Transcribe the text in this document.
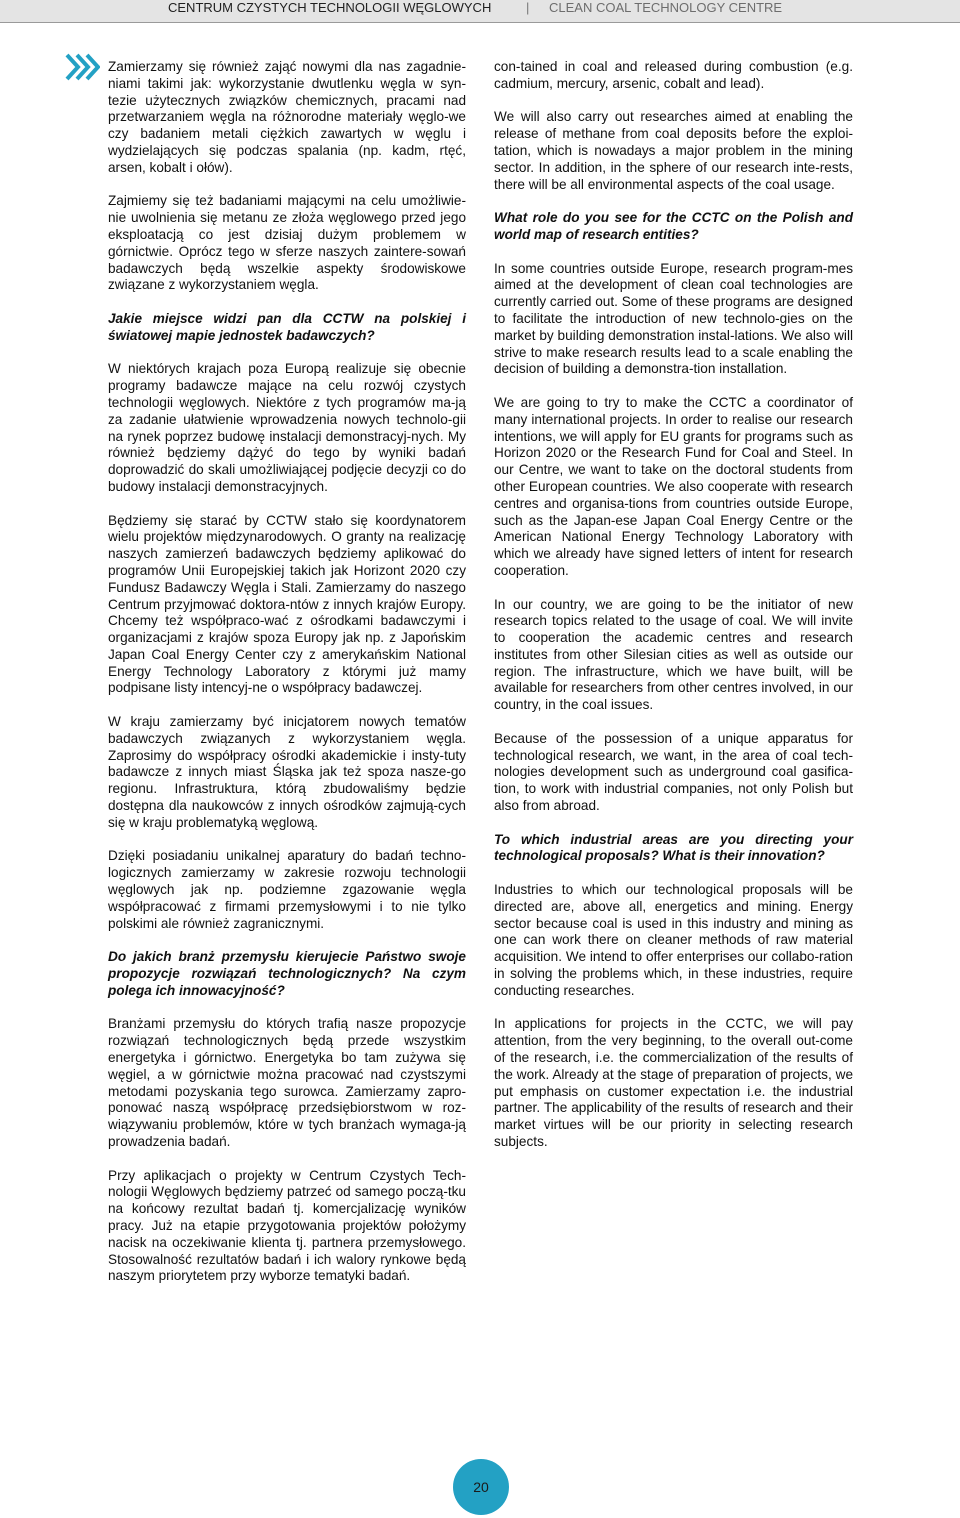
CENTRUM CZYSTYCH TECHNOLOGII WĘGLOWYCH	| CLEAN COAL TECHNOLOGY CENTRE

Zamierzamy się również zająć nowymi dla nas zagadnie-niami takimi jak: wykorzystanie dwutlenku węgla w syn-tezie użytecznych związków chemicznych, pracami nad przetwarzaniem węgla na różnorodne materiały węglo-we czy badaniem metali ciężkich zawartych w węglu i wydzielających się podczas spalania (np. kadm, rtęć, arsen, kobalt i ołów).

Zajmiemy się też badaniami mającymi na celu umożliwie-nie uwolnienia się metanu ze złoża węglowego przed jego eksploatacją co jest dzisiaj dużym problemem w górnictwie. Oprócz tego w sferze naszych zaintere-sowań badawczych będą wszelkie aspekty środowiskowe związane z wykorzystaniem węgla.

Jakie miejsce widzi pan dla CCTW na polskiej i światowej mapie jednostek badawczych?

W niektórych krajach poza Europą realizuje się obecnie programy badawcze mające na celu rozwój czystych technologii węglowych. Niektóre z tych programów ma-ją za zadanie ułatwienie wprowadzenia nowych technolo-gii na rynek poprzez budowę instalacji demonstracyj-nych. My również będziemy dążyć do tego by wyniki badań doprowadzić do skali umożliwiającej podjęcie decyzji co do budowy instalacji demonstracyjnych.

Będziemy się starać by CCTW stało się koordynatorem wielu projektów międzynarodowych. O granty na realizację naszych zamierzeń badawczych będziemy aplikować do programów Unii Europejskiej takich jak Horizont 2020 czy Fundusz Badawczy Węgla i Stali. Zamierzamy do naszego Centrum przyjmować doktora-ntów z innych krajów Europy. Chcemy też współpraco-wać z ośrodkami badawczymi i organizacjami z krajów spoza Europy jak np. z Japońskim Japan Coal Energy Center czy z amerykańskim National Energy Technology Laboratory z którymi już mamy podpisane listy intencyj-ne o współpracy badawczej.

W kraju zamierzamy być inicjatorem nowych tematów badawczych związanych z wykorzystaniem węgla. Zaprosimy do współpracy ośrodki akademickie i insty-tuty badawcze z innych miast Śląska jak też spoza nasze-go regionu. Infrastruktura, którą zbudowaliśmy będzie dostępna dla naukowców z innych ośrodków zajmują-cych się w kraju problematyką węglową.

Dzięki posiadaniu unikalnej aparatury do badań techno-logicznych zamierzamy w zakresie rozwoju technologii węglowych jak np. podziemne zgazowanie węgla współpracować z firmami przemysłowymi i to nie tylko polskimi ale również zagranicznymi.

Do jakich branż przemysłu kierujecie Państwo swoje propozycje rozwiązań technologicznych? Na czym polega ich innowacyjność?

Branżami przemysłu do których trafią nasze propozycje rozwiązań technologicznych będą przede wszystkim energetyka i górnictwo. Energetyka bo tam zużywa się węgiel, a w górnictwie można pracować nad czystszymi metodami pozyskania tego surowca. Zamierzamy zapro-ponować naszą współpracę przedsiębiorstwom w roz-wiązywaniu problemów, które w tych branżach wymaga-ją prowadzenia badań.

Przy aplikacjach o projekty w Centrum Czystych Tech-nologii Węglowych będziemy patrzeć od samego począ-tku na końcowy rezultat badań tj. komercjalizację wyników pracy. Już na etapie przygotowania projektów położymy nacisk na oczekiwanie klienta tj. partnera przemysłowego. Stosowalność rezultatów badań i ich walory rynkowe będą naszym priorytetem przy wyborze tematyki badań.

con-tained in coal and released during combustion (e.g. cadmium, mercury, arsenic, cobalt and lead).

We will also carry out researches aimed at enabling the release of methane from coal deposits before the exploi-tation, which is nowadays a major problem in the mining sector. In addition, in the sphere of our research inte-rests, there will be all environmental aspects of the coal usage.

What role do you see for the CCTC on the Polish and world map of research entities?

In some countries outside Europe, research program-mes aimed at the development of clean coal technologies are currently carried out. Some of these programs are designed to facilitate the introduction of new technolo-gies on the market by building demonstration instal-lations. We also will strive to make research results lead to a scale enabling the decision of building a demonstra-tion installation.

We are going to try to make the CCTC a coordinator of many international projects. In order to realise our research intentions, we will apply for EU grants for programs such as Horizon 2020 or the Research Fund for Coal and Steel. In our Centre, we want to take on the doctoral students from other European countries. We also cooperate with research centres and organisa-tions from countries outside Europe, such as the Japan-ese Japan Coal Energy Centre or the American National Energy Technology Laboratory with which we already have signed letters of intent for research cooperation.

In our country, we are going to be the initiator of new research topics related to the usage of coal. We will invite to cooperation the academic centres and research institutes from other Silesian cities as well as outside our region. The infrastructure, which we have built, will be available for researchers from other centres involved, in our country, in the coal issues.

Because of the possession of a unique apparatus for technological research, we want, in the area of coal tech-nologies development such as underground coal gasifica-tion, to work with industrial companies, not only Polish but also from abroad.

To which industrial areas are you directing your technological proposals? What is their innovation?

Industries to which our technological proposals will be directed are, above all, energetics and mining. Energy sector because coal is used in this industry and mining as one can work there on cleaner methods of raw material acquisition. We intend to offer enterprises our collabo-ration in solving the problems which, in these industries, require conducting researches.

In applications for projects in the CCTC, we will pay attention, from the very beginning, to the overall out-come of the research, i.e. the commercialization of the results of the work. Already at the stage of preparation of projects, we put emphasis on customer expectation i.e. the industrial partner. The applicability of the results of research and their market virtues will be our priority in selecting research subjects.

20
